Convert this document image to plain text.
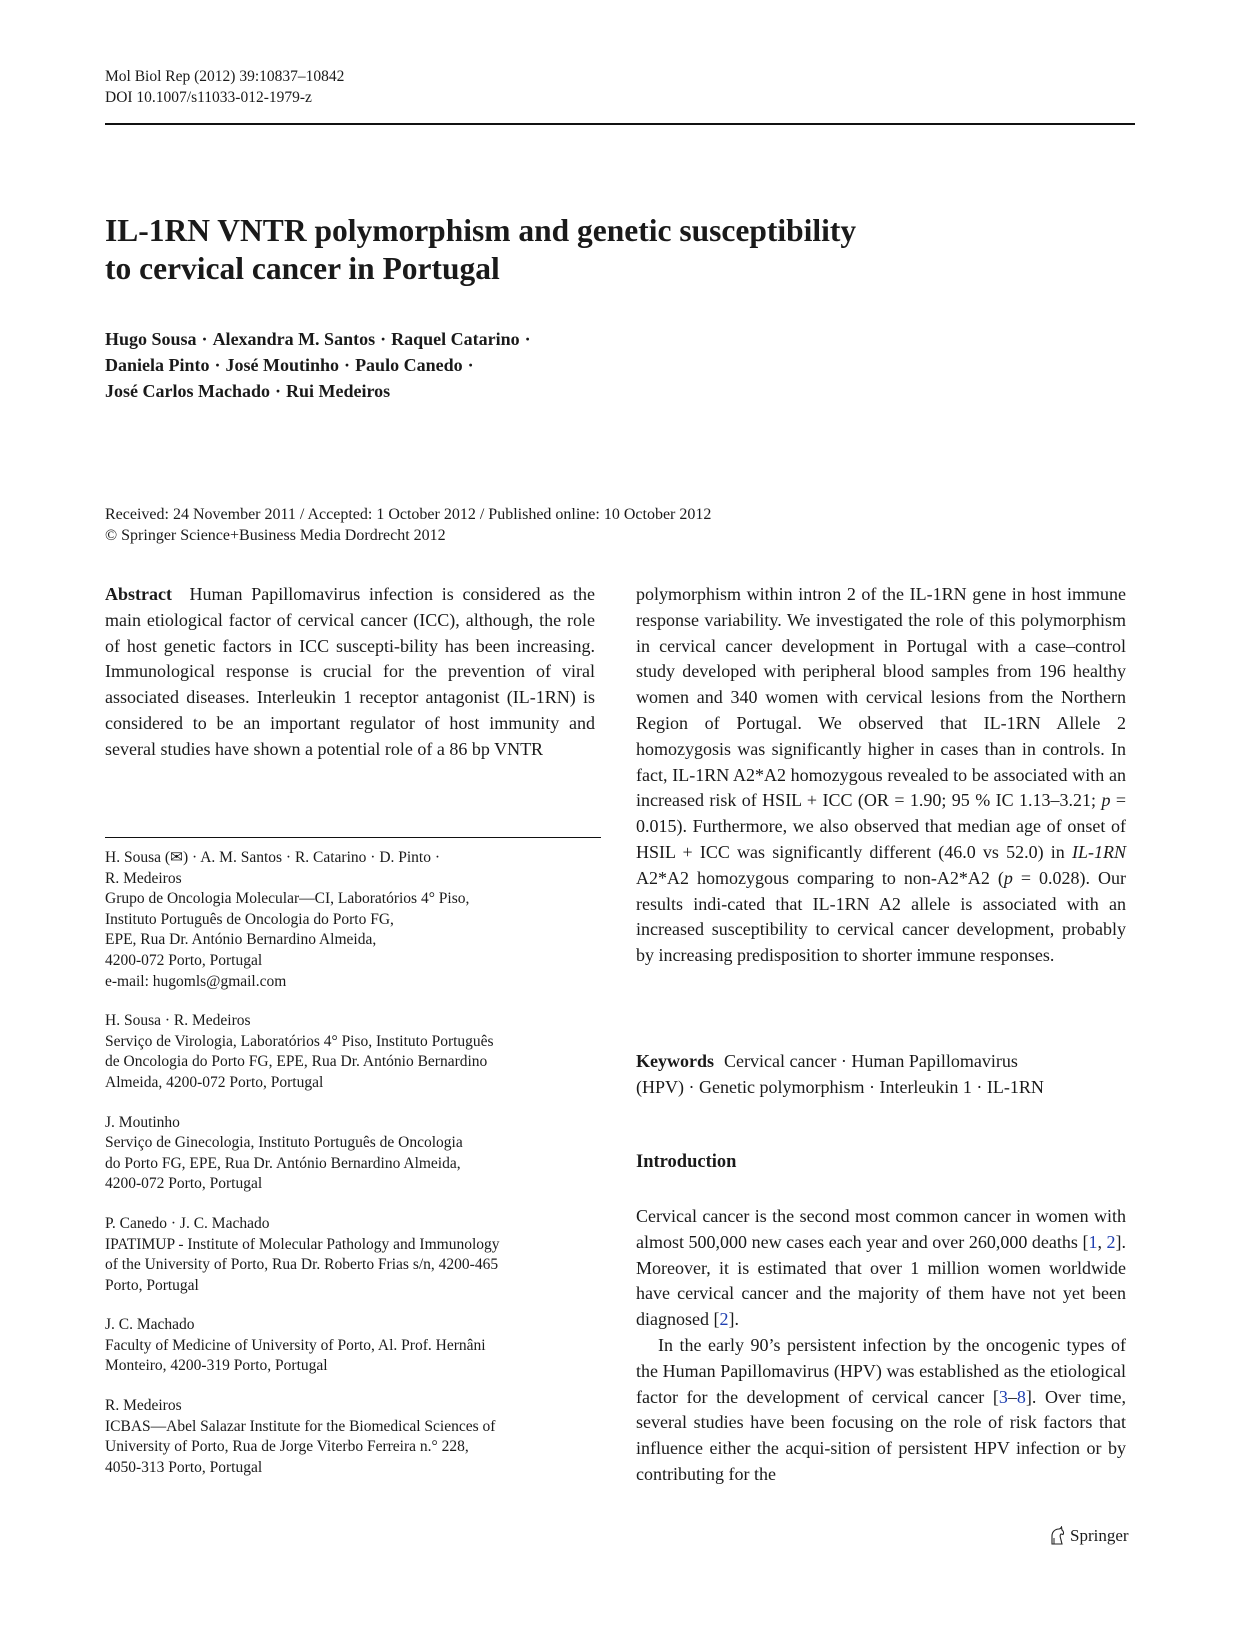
Mol Biol Rep (2012) 39:10837–10842
DOI 10.1007/s11033-012-1979-z
IL-1RN VNTR polymorphism and genetic susceptibility
to cervical cancer in Portugal
Hugo Sousa · Alexandra M. Santos · Raquel Catarino ·
Daniela Pinto · José Moutinho · Paulo Canedo ·
José Carlos Machado · Rui Medeiros
Received: 24 November 2011 / Accepted: 1 October 2012 / Published online: 10 October 2012
© Springer Science+Business Media Dordrecht 2012
Abstract Human Papillomavirus infection is considered as the main etiological factor of cervical cancer (ICC), although, the role of host genetic factors in ICC suscepti-bility has been increasing. Immunological response is crucial for the prevention of viral associated diseases. Interleukin 1 receptor antagonist (IL-1RN) is considered to be an important regulator of host immunity and several studies have shown a potential role of a 86 bp VNTR
polymorphism within intron 2 of the IL-1RN gene in host immune response variability. We investigated the role of this polymorphism in cervical cancer development in Portugal with a case–control study developed with peripheral blood samples from 196 healthy women and 340 women with cervical lesions from the Northern Region of Portugal. We observed that IL-1RN Allele 2 homozygosis was significantly higher in cases than in controls. In fact, IL-1RN A2*A2 homozygous revealed to be associated with an increased risk of HSIL + ICC (OR = 1.90; 95 % IC 1.13–3.21; p = 0.015). Furthermore, we also observed that median age of onset of HSIL + ICC was significantly different (46.0 vs 52.0) in IL-1RN A2*A2 homozygous comparing to non-A2*A2 (p = 0.028). Our results indi-cated that IL-1RN A2 allele is associated with an increased susceptibility to cervical cancer development, probably by increasing predisposition to shorter immune responses.

H. Sousa (✉) · A. M. Santos · R. Catarino · D. Pinto ·

R. Medeiros

Grupo de Oncologia Molecular—CI, Laboratórios 4° Piso,

Instituto Português de Oncologia do Porto FG,

EPE, Rua Dr. António Bernardino Almeida,

4200-072 Porto, Portugal

e-mail: hugomls@gmail.com

H. Sousa · R. Medeiros

Serviço de Virologia, Laboratórios 4° Piso, Instituto Português

de Oncologia do Porto FG, EPE, Rua Dr. António Bernardino

Almeida, 4200-072 Porto, Portugal

J. Moutinho

Serviço de Ginecologia, Instituto Português de Oncologia

do Porto FG, EPE, Rua Dr. António Bernardino Almeida,

4200-072 Porto, Portugal

P. Canedo · J. C. Machado

IPATIMUP - Institute of Molecular Pathology and Immunology

of the University of Porto, Rua Dr. Roberto Frias s/n, 4200-465

Porto, Portugal

J. C. Machado

Faculty of Medicine of University of Porto, Al. Prof. Hernâni

Monteiro, 4200-319 Porto, Portugal

R. Medeiros

ICBAS—Abel Salazar Institute for the Biomedical Sciences of

University of Porto, Rua de Jorge Viterbo Ferreira n.° 228,

4050-313 Porto, Portugal

Keywords Cervical cancer · Human Papillomavirus
(HPV) · Genetic polymorphism · Interleukin 1 · IL-1RN
Introduction

Cervical cancer is the second most common cancer in women with almost 500,000 new cases each year and over 260,000 deaths [1, 2]. Moreover, it is estimated that over 1 million women worldwide have cervical cancer and the majority of them have not yet been diagnosed [2].

In the early 90’s persistent infection by the oncogenic types of the Human Papillomavirus (HPV) was established as the etiological factor for the development of cervical cancer [3–8]. Over time, several studies have been focusing on the role of risk factors that influence either the acqui-sition of persistent HPV infection or by contributing for the

Springer
